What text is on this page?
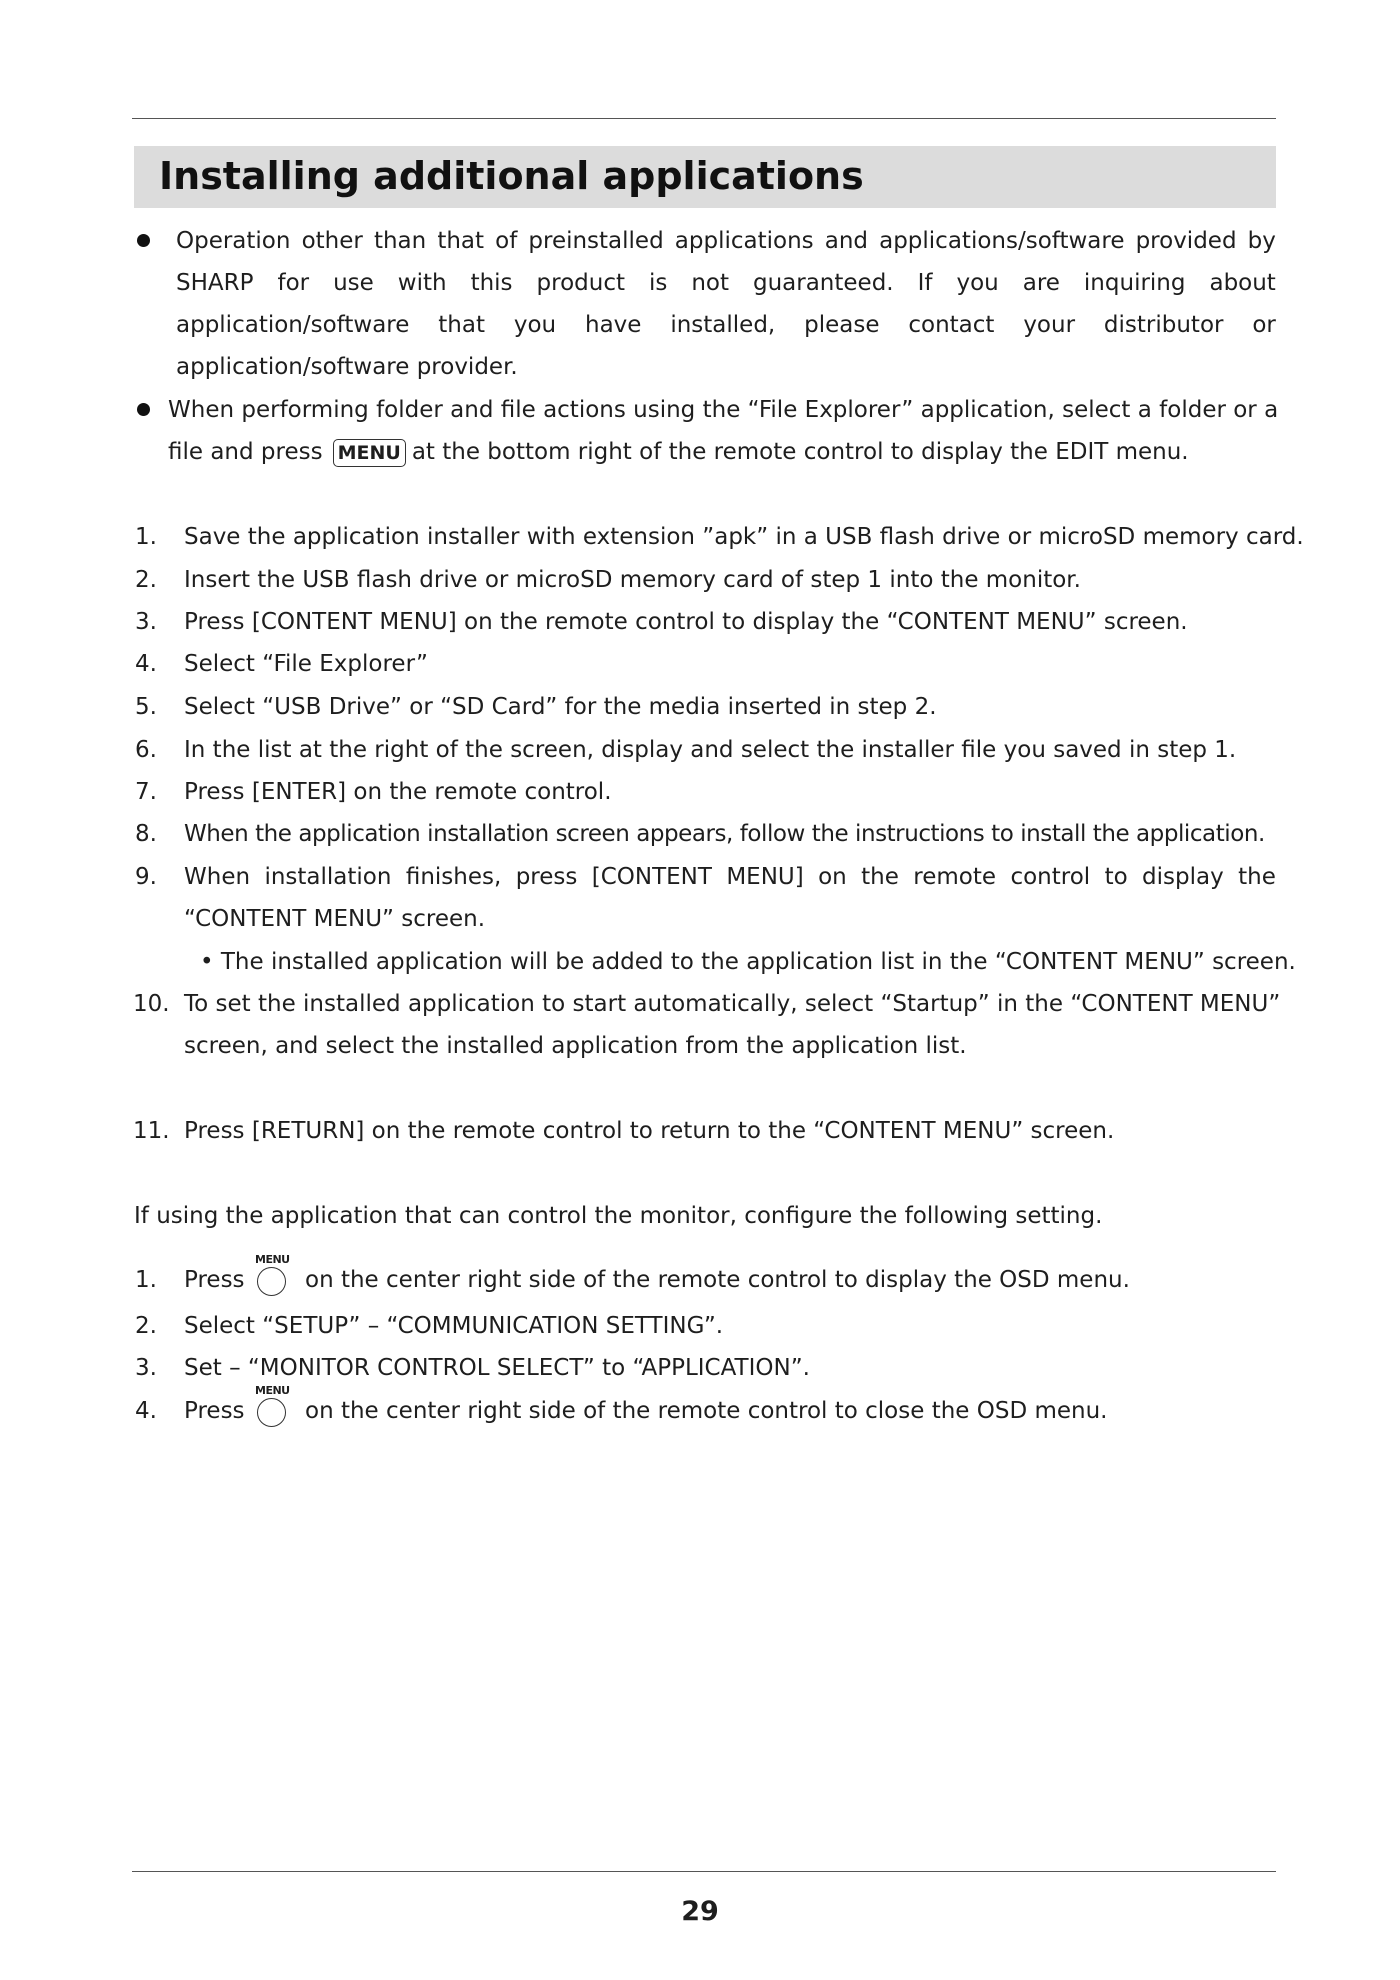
Installing additional applications
Operation other than that of preinstalled applications and applications/software provided by
SHARP for use with this product is not guaranteed. If you are inquiring about
application/software that you have installed, please contact your distributor or
application/software provider.
When performing folder and file actions using the “File Explorer” application, select a folder or a
file and press MENU at the bottom right of the remote control to display the EDIT menu.
1. Save the application installer with extension ”apk” in a USB flash drive or microSD memory card.
2. Insert the USB flash drive or microSD memory card of step 1 into the monitor.
3. Press [CONTENT MENU] on the remote control to display the “CONTENT MENU” screen.
4. Select “File Explorer”
5. Select “USB Drive” or “SD Card” for the media inserted in step 2.
6. In the list at the right of the screen, display and select the installer file you saved in step 1.
7. Press [ENTER] on the remote control.
8. When the application installation screen appears, follow the instructions to install the application.
9. When installation finishes, press [CONTENT MENU] on the remote control to display the
“CONTENT MENU” screen.
• The installed application will be added to the application list in the “CONTENT MENU” screen.
10. To set the installed application to start automatically, select “Startup” in the “CONTENT MENU”
screen, and select the installed application from the application list.
11. Press [RETURN] on the remote control to return to the “CONTENT MENU” screen.
If using the application that can control the monitor, configure the following setting.
1. Press
MENU
on the center right side of the remote control to display the OSD menu.
2. Select “SETUP” – “COMMUNICATION SETTING”.
3. Set – “MONITOR CONTROL SELECT” to “APPLICATION”.
4. Press
MENU
on the center right side of the remote control to close the OSD menu.
29
